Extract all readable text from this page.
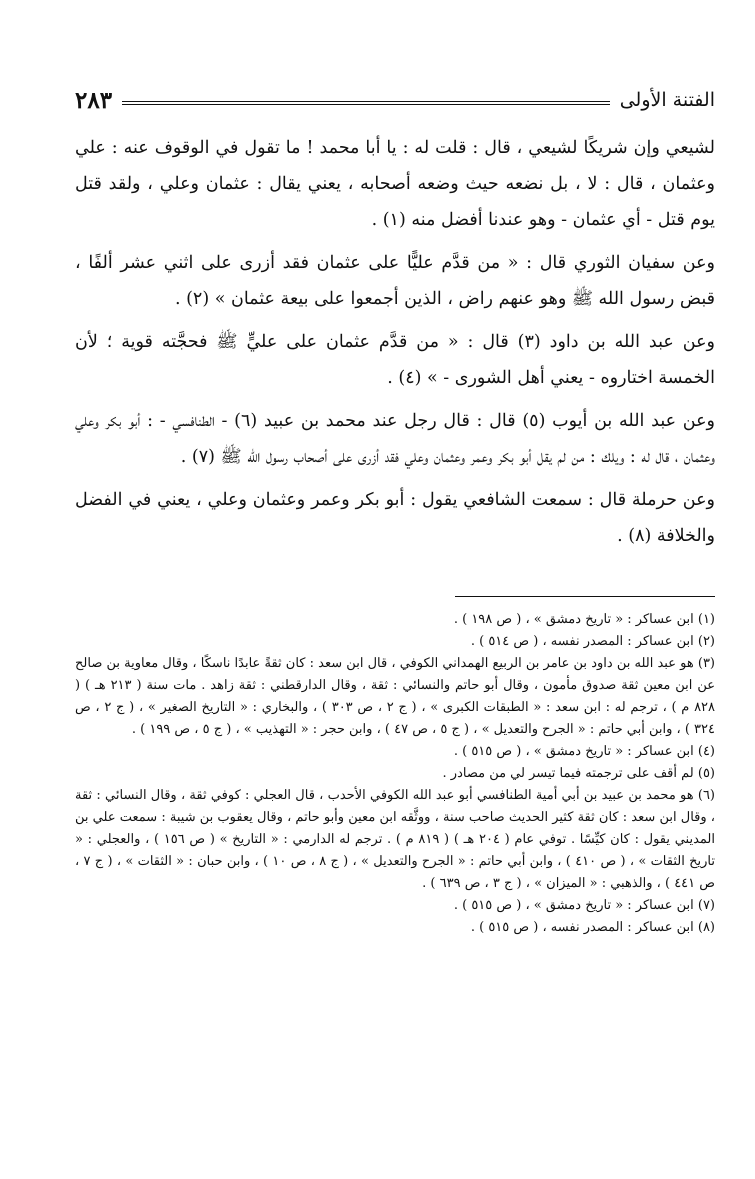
الفتنة الأولى
٢٨٣

لشيعي وإن شريكًا لشيعي ، قال : قلت له : يا أبا محمد ! ما تقول في الوقوف عنه : علي وعثمان ، قال : لا ، بل نضعه حيث وضعه أصحابه ، يعني يقال : عثمان وعلي ، ولقد قتل يوم قتل - أي عثمان - وهو عندنا أفضل منه (١) .

وعن سفيان الثوري قال : « من قدَّم عليًّا على عثمان فقد أزرى على اثني عشر ألفًا ، قبض رسول الله ﷺ وهو عنهم راض ، الذين أجمعوا على بيعة عثمان » (٢) .

وعن عبد الله بن داود (٣) قال : « من قدَّم عثمان على عليٍّ ﷺ فحجَّته قوية ؛ لأن الخمسة اختاروه - يعني أهل الشورى - » (٤) .

وعن عبد الله بن أيوب (٥) قال : قال رجل عند محمد بن عبيد (٦) - الطنافسي - : أبو بكر وعلي وعثمان ، قال له : ويلك : من لم يقل أبو بكر وعمر وعثمان وعلي فقد أزرى على أصحاب رسول الله ﷺ (٧) .

وعن حرملة قال : سمعت الشافعي يقول : أبو بكر وعمر وعثمان وعلي ، يعني في الفضل والخلافة (٨) .

(١) ابن عساكر : « تاريخ دمشق » ، ( ص ١٩٨ ) .

(٢) ابن عساكر : المصدر نفسه ، ( ص ٥١٤ ) .

(٣) هو عبد الله بن داود بن عامر بن الربيع الهمداني الكوفي ، قال ابن سعد : كان ثقةً عابدًا ناسكًا ، وقال معاوية بن صالح عن ابن معين ثقة صدوق مأمون ، وقال أبو حاتم والنسائي : ثقة ، وقال الدارقطني : ثقة زاهد . مات سنة ( ٢١٣ هـ ) ( ٨٢٨ م ) ، ترجم له : ابن سعد : « الطبقات الكبرى » ، ( ج ٢ ، ص ٣٠٣ ) ، والبخاري : « التاريخ الصغير » ، ( ج ٢ ، ص ٣٢٤ ) ، وابن أبي حاتم : « الجرح والتعديل » ، ( ج ٥ ، ص ٤٧ ) ، وابن حجر : « التهذيب » ، ( ج ٥ ، ص ١٩٩ ) .

(٤) ابن عساكر : « تاريخ دمشق » ، ( ص ٥١٥ ) .

(٥) لم أقف على ترجمته فيما تيسر لي من مصادر .

(٦) هو محمد بن عبيد بن أبي أمية الطنافسي أبو عبد الله الكوفي الأحدب ، قال العجلي : كوفي ثقة ، وقال النسائي : ثقة ، وقال ابن سعد : كان ثقة كثير الحديث صاحب سنة ، ووثَّقه ابن معين وأبو حاتم ، وقال يعقوب بن شيبة : سمعت علي بن المديني يقول : كان كيِّسًا . توفي عام ( ٢٠٤ هـ ) ( ٨١٩ م ) . ترجم له الدارمي : « التاريخ » ( ص ١٥٦ ) ، والعجلي : « تاريخ الثقات » ، ( ص ٤١٠ ) ، وابن أبي حاتم : « الجرح والتعديل » ، ( ج ٨ ، ص ١٠ ) ، وابن حبان : « الثقات » ، ( ج ٧ ، ص ٤٤١ ) ، والذهبي : « الميزان » ، ( ج ٣ ، ص ٦٣٩ ) .

(٧) ابن عساكر : « تاريخ دمشق » ، ( ص ٥١٥ ) .

(٨) ابن عساكر : المصدر نفسه ، ( ص ٥١٥ ) .
